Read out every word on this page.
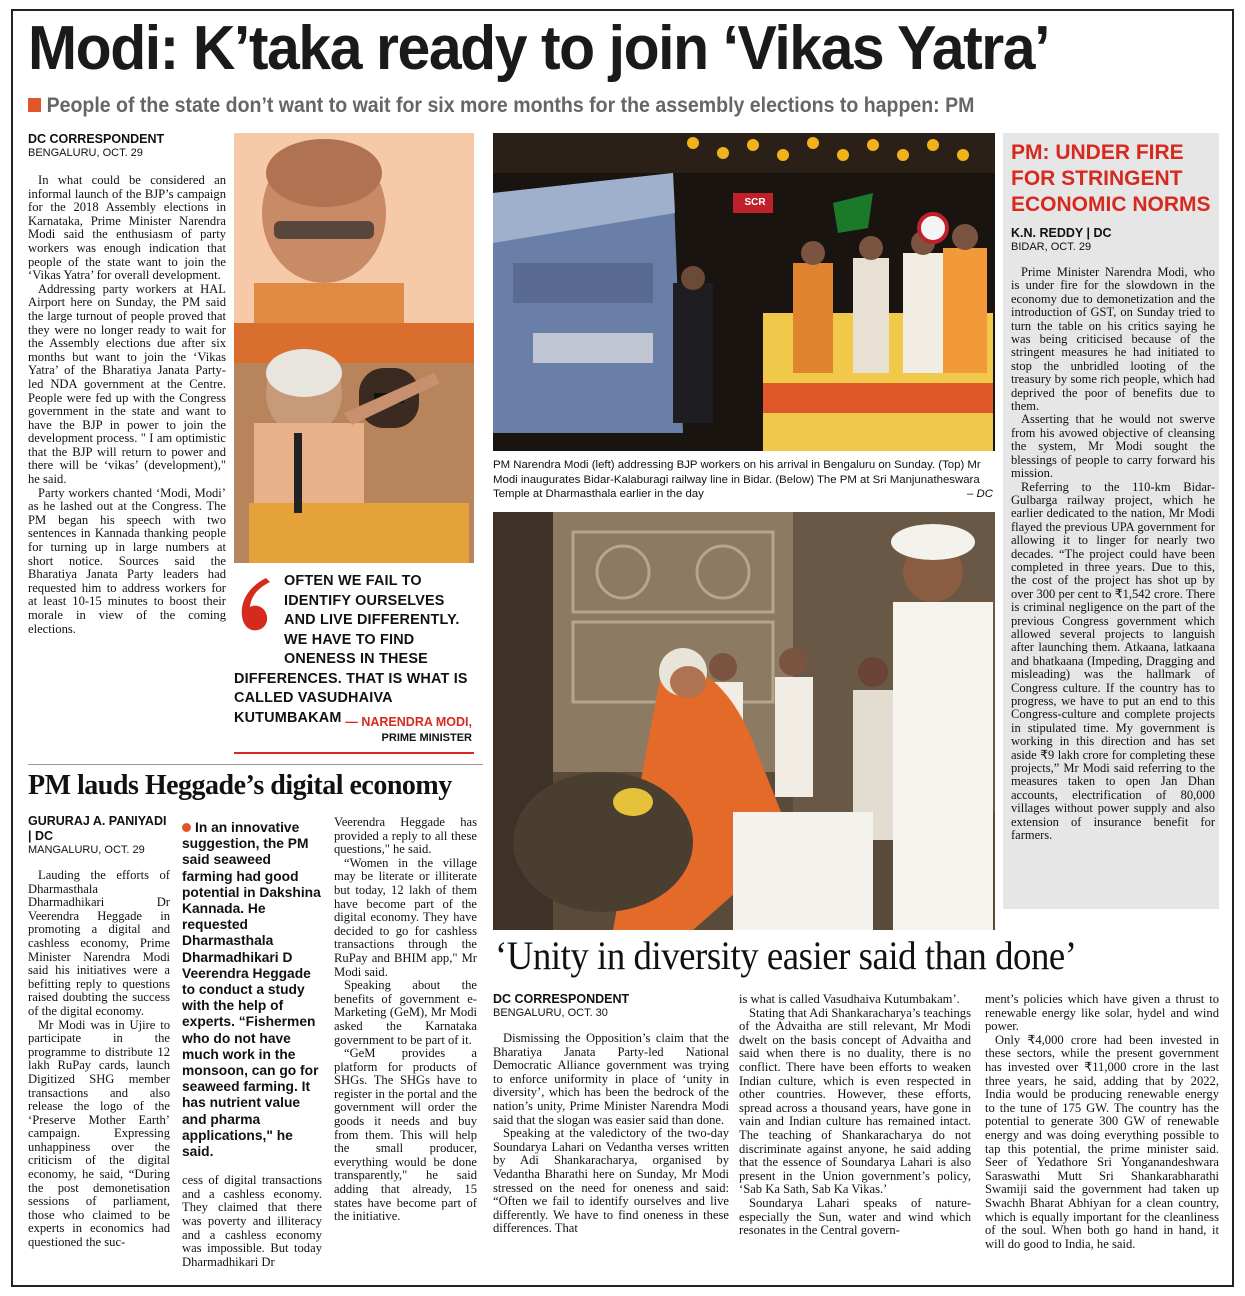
Modi: K’taka ready to join ‘Vikas Yatra’
People of the state don’t want to wait for six more months for the assembly elections to happen: PM
DC CORRESPONDENT
BENGALURU, OCT. 29

In what could be considered an informal launch of the BJP’s campaign for the 2018 Assembly elections in Karnataka, Prime Minister Narendra Modi said the enthusiasm of party workers was enough indication that people of the state want to join the ‘Vikas Yatra’ for overall development.

Addressing party workers at HAL Airport here on Sunday, the PM said the large turnout of people proved that they were no longer ready to wait for the Assembly elections due after six months but want to join the ‘Vikas Yatra’ of the Bharatiya Janata Party-led NDA government at the Centre. People were fed up with the Congress government in the state and want to have the BJP in power to join the development process. " I am optimistic that the BJP will return to power and there will be ‘vikas’ (development)," he said.

Party workers chanted ‘Modi, Modi’ as he lashed out at the Congress. The PM began his speech with two sentences in Kannada thanking people for turning up in large numbers at short notice. Sources said the Bharatiya Janata Party leaders had requested him to address workers for at least 10-15 minutes to boost their morale in view of the coming elections.

OFTEN WE FAIL TO IDENTIFY OURSELVES AND LIVE DIFFERENTLY. WE HAVE TO FIND ONENESS IN THESE DIFFERENCES. THAT IS WHAT IS CALLED VASUDHAIVA KUTUMBAKAM — NARENDRA MODI,
PRIME MINISTER
SCR
PM Narendra Modi (left) addressing BJP workers on his arrival in Bengaluru on Sunday. (Top) Mr Modi inaugurates Bidar-Kalaburagi railway line in Bidar. (Below) The PM at Sri Manjunatheswara Temple at Dharmasthala earlier in the day	– DC
PM: UNDER FIRE FOR STRINGENT ECONOMIC NORMS
K.N. REDDY | DC
BIDAR, OCT. 29

Prime Minister Narendra Modi, who is under fire for the slowdown in the economy due to demonetization and the introduction of GST, on Sunday tried to turn the table on his critics saying he was being criticised because of the stringent measures he had initiated to stop the unbridled looting of the treasury by some rich people, which had deprived the poor of benefits due to them.

Asserting that he would not swerve from his avowed objective of cleansing the system, Mr Modi sought the blessings of people to carry forward his mission.

Referring to the 110-km Bidar-Gulbarga railway project, which he earlier dedicated to the nation, Mr Modi flayed the previous UPA government for allowing it to linger for nearly two decades. “The project could have been completed in three years. Due to this, the cost of the project has shot up by over 300 per cent to ₹1,542 crore. There is criminal negligence on the part of the previous Congress government which allowed several projects to languish after launching them. Atkaana, latkaana and bhatkaana (Impeding, Dragging and misleading) was the hallmark of Congress culture. If the country has to progress, we have to put an end to this Congress-culture and complete projects in stipulated time. My government is working in this direction and has set aside ₹9 lakh crore for completing these projects,” Mr Modi said referring to the measures taken to open Jan Dhan accounts, electrification of 80,000 villages without power supply and also extension of insurance benefit for farmers.

PM lauds Heggade’s digital economy
GURURAJ A. PANIYADI | DC
MANGALURU, OCT. 29

Lauding the efforts of Dharmasthala Dharmadhikari Dr Veerendra Heggade in promoting a digital and cashless economy, Prime Minister Narendra Modi said his initiatives were a befitting reply to questions raised doubting the success of the digital economy.

Mr Modi was in Ujire to participate in the programme to distribute 12 lakh RuPay cards, launch Digitized SHG member transactions and also release the logo of the ‘Preserve Mother Earth’ campaign. Expressing unhappiness over the criticism of the digital economy, he said, “During the post demonetisation sessions of parliament, those who claimed to be experts in economics had questioned the suc-

In an innovative suggestion, the PM said seaweed farming had good potential in Dakshina Kannada. He requested Dharmasthala Dharmadhikari D Veerendra Heggade to conduct a study with the help of experts. “Fishermen who do not have much work in the monsoon, can go for seaweed farming. It has nutrient value and pharma applications," he said.

cess of digital transactions and a cashless economy. They claimed that there was poverty and illiteracy and a cashless economy was impossible. But today Dharmadhikari Dr

Veerendra Heggade has provided a reply to all these questions," he said.

“Women in the village may be literate or illiterate but today, 12 lakh of them have become part of the digital economy. They have decided to go for cashless transactions through the RuPay and BHIM app," Mr Modi said.

Speaking about the benefits of government e-Marketing (GeM), Mr Modi asked the Karnataka government to be part of it.

“GeM provides a platform for products of SHGs. The SHGs have to register in the portal and the government will order the goods it needs and buy from them. This will help the small producer, everything would be done transparently," he said adding that already, 15 states have become part of the initiative.

‘Unity in diversity easier said than done’
DC CORRESPONDENT
BENGALURU, OCT. 30

Dismissing the Opposition’s claim that the Bharatiya Janata Party-led National Democratic Alliance government was trying to enforce uniformity in place of ‘unity in diversity’, which has been the bedrock of the nation’s unity, Prime Minister Narendra Modi said that the slogan was easier said than done.

Speaking at the valedictory of the two-day Soundarya Lahari on Vedantha verses written by Adi Shankaracharya, organised by Vedantha Bharathi here on Sunday, Mr Modi stressed on the need for oneness and said: “Often we fail to identify ourselves and live differently. We have to find oneness in these differences. That

is what is called Vasudhaiva Kutumbakam’.

Stating that Adi Shankaracharya’s teachings of the Advaitha are still relevant, Mr Modi dwelt on the basis concept of Advaitha and said when there is no duality, there is no conflict. There have been efforts to weaken Indian culture, which is even respected in other countries. However, these efforts, spread across a thousand years, have gone in vain and Indian culture has remained intact. The teaching of Shankaracharya do not discriminate against anyone, he said adding that the essence of Soundarya Lahari is also present in the Union government’s policy, ‘Sab Ka Sath, Sab Ka Vikas.’

Soundarya Lahari speaks of nature-especially the Sun, water and wind which resonates in the Central govern-

ment’s policies which have given a thrust to renewable energy like solar, hydel and wind power.

Only ₹4,000 crore had been invested in these sectors, while the present government has invested over ₹11,000 crore in the last three years, he said, adding that by 2022, India would be producing renewable energy to the tune of 175 GW. The country has the potential to generate 300 GW of renewable energy and was doing everything possible to tap this potential, the prime minister said. Seer of Yedathore Sri Yonganandeshwara Saraswathi Mutt Sri Shankarabharathi Swamiji said the government had taken up Swachh Bharat Abhiyan for a clean country, which is equally important for the cleanliness of the soul. When both go hand in hand, it will do good to India, he said.
